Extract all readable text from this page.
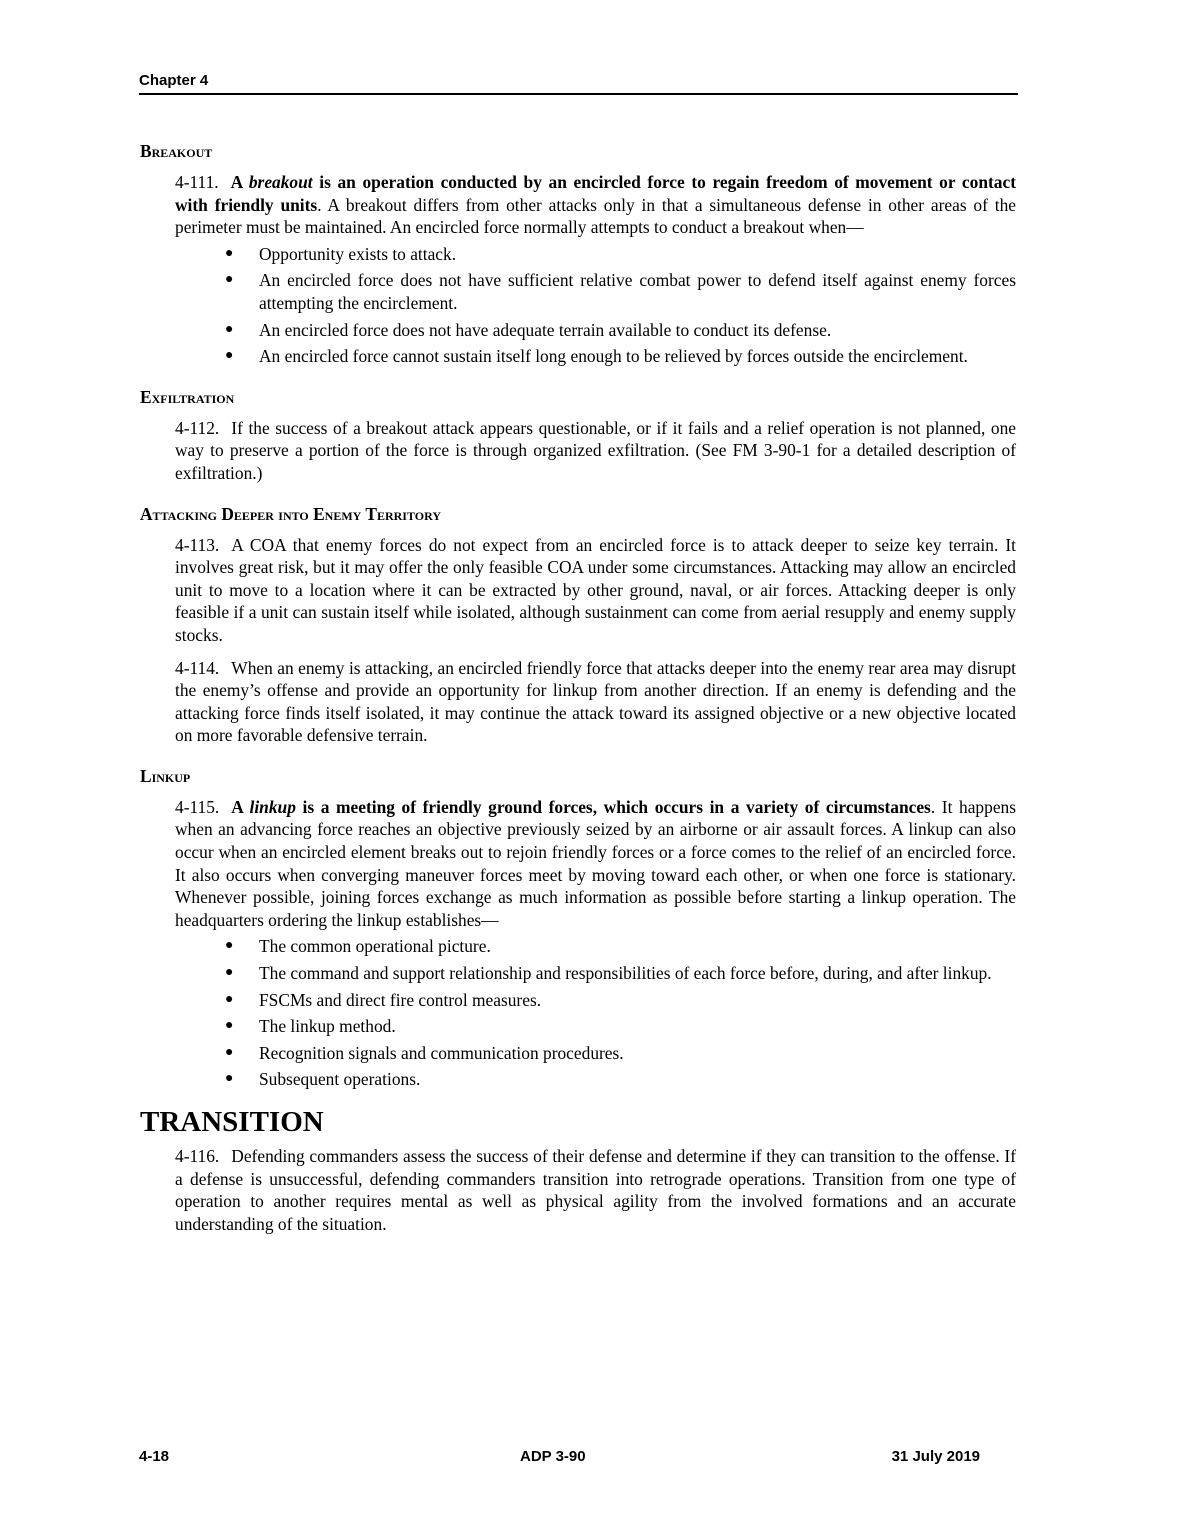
Chapter 4
Breakout

4-111. A breakout is an operation conducted by an encircled force to regain freedom of movement or contact with friendly units. A breakout differs from other attacks only in that a simultaneous defense in other areas of the perimeter must be maintained. An encircled force normally attempts to conduct a breakout when—

● Opportunity exists to attack.
● An encircled force does not have sufficient relative combat power to defend itself against enemy forces attempting the encirclement.
● An encircled force does not have adequate terrain available to conduct its defense.
● An encircled force cannot sustain itself long enough to be relieved by forces outside the encirclement.
Exfiltration

4-112. If the success of a breakout attack appears questionable, or if it fails and a relief operation is not planned, one way to preserve a portion of the force is through organized exfiltration. (See FM 3-90-1 for a detailed description of exfiltration.)

Attacking Deeper into Enemy Territory

4-113. A COA that enemy forces do not expect from an encircled force is to attack deeper to seize key terrain. It involves great risk, but it may offer the only feasible COA under some circumstances. Attacking may allow an encircled unit to move to a location where it can be extracted by other ground, naval, or air forces. Attacking deeper is only feasible if a unit can sustain itself while isolated, although sustainment can come from aerial resupply and enemy supply stocks.

4-114. When an enemy is attacking, an encircled friendly force that attacks deeper into the enemy rear area may disrupt the enemy’s offense and provide an opportunity for linkup from another direction. If an enemy is defending and the attacking force finds itself isolated, it may continue the attack toward its assigned objective or a new objective located on more favorable defensive terrain.

Linkup

4-115. A linkup is a meeting of friendly ground forces, which occurs in a variety of circumstances. It happens when an advancing force reaches an objective previously seized by an airborne or air assault forces. A linkup can also occur when an encircled element breaks out to rejoin friendly forces or a force comes to the relief of an encircled force. It also occurs when converging maneuver forces meet by moving toward each other, or when one force is stationary. Whenever possible, joining forces exchange as much information as possible before starting a linkup operation. The headquarters ordering the linkup establishes—

● The common operational picture.
● The command and support relationship and responsibilities of each force before, during, and after linkup.
● FSCMs and direct fire control measures.
● The linkup method.
● Recognition signals and communication procedures.
● Subsequent operations.
TRANSITION

4-116. Defending commanders assess the success of their defense and determine if they can transition to the offense. If a defense is unsuccessful, defending commanders transition into retrograde operations. Transition from one type of operation to another requires mental as well as physical agility from the involved formations and an accurate understanding of the situation.

4-18	ADP 3-90	31 July 2019
